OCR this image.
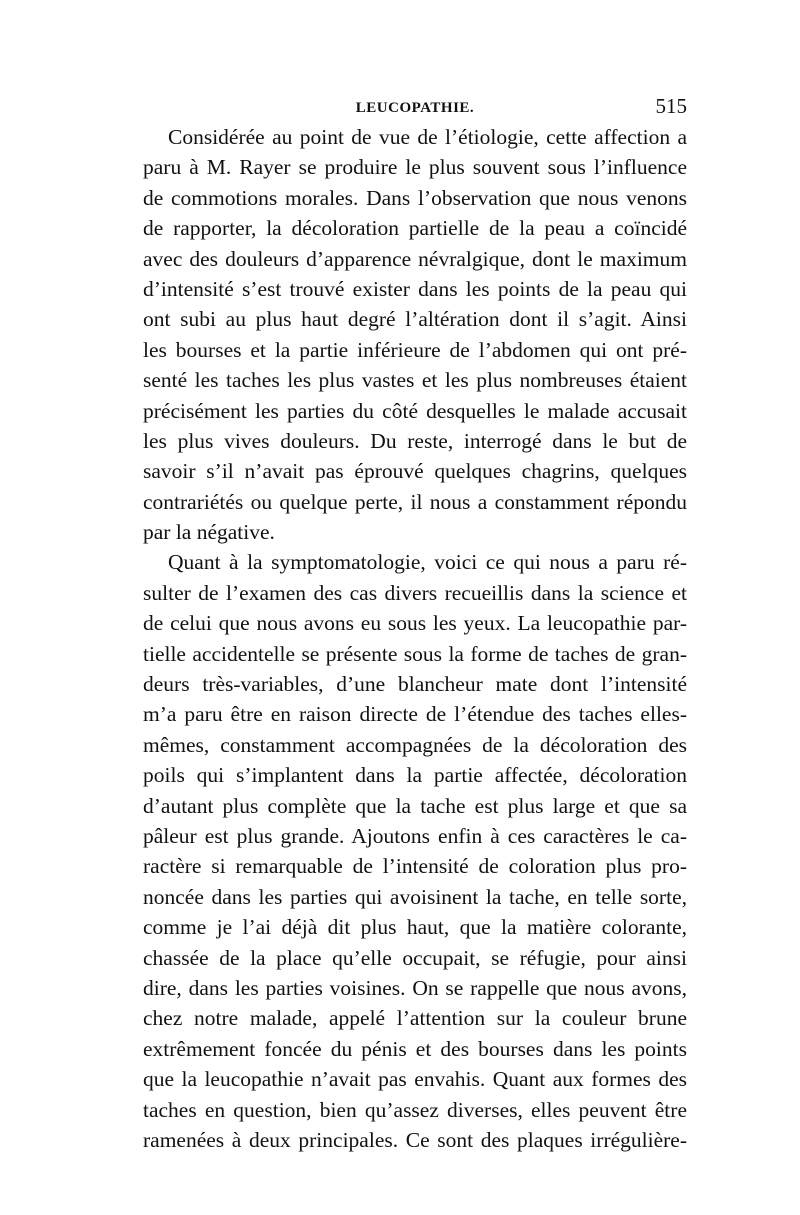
LEUCOPATHIE.	515
Considérée au point de vue de l’étiologie, cette affection a
paru à M. Rayer se produire le plus souvent sous l’influence
de commotions morales. Dans l’observation que nous venons
de rapporter, la décoloration partielle de la peau a coïncidé
avec des douleurs d’apparence névralgique, dont le maximum
d’intensité s’est trouvé exister dans les points de la peau qui
ont subi au plus haut degré l’altération dont il s’agit. Ainsi
les bourses et la partie inférieure de l’abdomen qui ont pré-
senté les taches les plus vastes et les plus nombreuses étaient
précisément les parties du côté desquelles le malade accusait
les plus vives douleurs. Du reste, interrogé dans le but de
savoir s’il n’avait pas éprouvé quelques chagrins, quelques
contrariétés ou quelque perte, il nous a constamment répondu
par la négative.
Quant à la symptomatologie, voici ce qui nous a paru ré-
sulter de l’examen des cas divers recueillis dans la science et
de celui que nous avons eu sous les yeux. La leucopathie par-
tielle accidentelle se présente sous la forme de taches de gran-
deurs très-variables, d’une blancheur mate dont l’intensité
m’a paru être en raison directe de l’étendue des taches elles-
mêmes, constamment accompagnées de la décoloration des
poils qui s’implantent dans la partie affectée, décoloration
d’autant plus complète que la tache est plus large et que sa
pâleur est plus grande. Ajoutons enfin à ces caractères le ca-
ractère si remarquable de l’intensité de coloration plus pro-
noncée dans les parties qui avoisinent la tache, en telle sorte,
comme je l’ai déjà dit plus haut, que la matière colorante,
chassée de la place qu’elle occupait, se réfugie, pour ainsi
dire, dans les parties voisines. On se rappelle que nous avons,
chez notre malade, appelé l’attention sur la couleur brune
extrêmement foncée du pénis et des bourses dans les points
que la leucopathie n’avait pas envahis. Quant aux formes des
taches en question, bien qu’assez diverses, elles peuvent être
ramenées à deux principales. Ce sont des plaques irrégulière-
